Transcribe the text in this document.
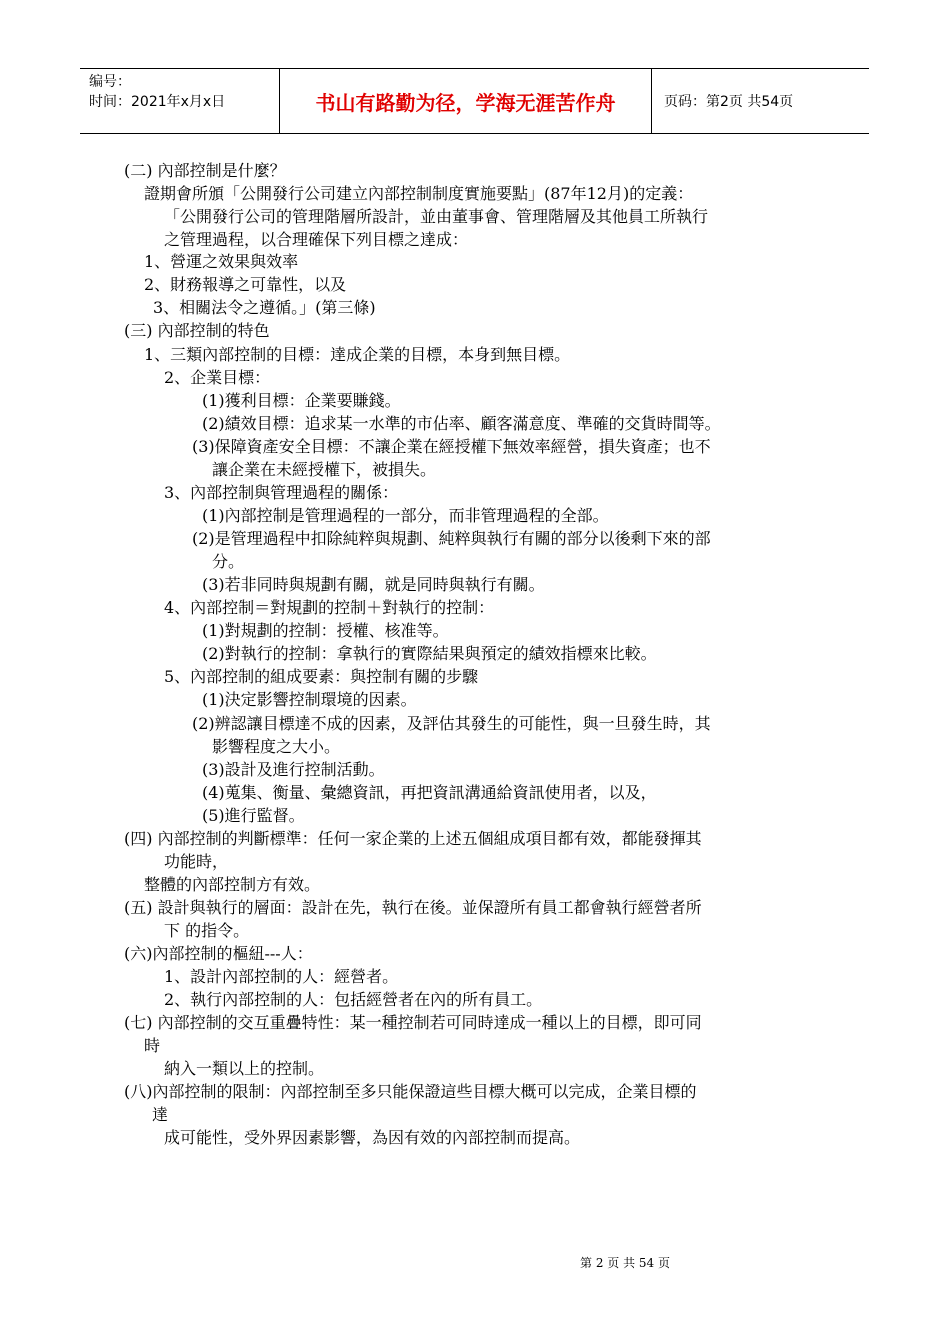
编号：
时间：2021年x月x日	书山有路勤为径，学海无涯苦作舟	页码：第2页 共54页
(二) 內部控制是什麼？
證期會所頒「公開發行公司建立內部控制制度實施要點」(87年12月)的定義：
「公開發行公司的管理階層所設計，並由董事會、管理階層及其他員工所執行
之管理過程，以合理確保下列目標之達成：
1、營運之效果與效率
2、財務報導之可靠性，以及
3、相關法令之遵循。」(第三條)
(三) 內部控制的特色
1、三類內部控制的目標：達成企業的目標，本身到無目標。
2、企業目標：
(1)獲利目標：企業要賺錢。
(2)績效目標：追求某一水準的市佔率、顧客滿意度、準確的交貨時間等。
(3)保障資產安全目標：不讓企業在經授權下無效率經營，損失資產；也不
讓企業在未經授權下，被損失。
3、內部控制與管理過程的關係：
(1)內部控制是管理過程的一部分，而非管理過程的全部。
(2)是管理過程中扣除純粹與規劃、純粹與執行有關的部分以後剩下來的部
分。
(3)若非同時與規劃有關，就是同時與執行有關。
4、內部控制＝對規劃的控制＋對執行的控制：
(1)對規劃的控制：授權、核准等。
(2)對執行的控制：拿執行的實際結果與預定的績效指標來比較。
5、內部控制的組成要素：與控制有關的步驟
(1)決定影響控制環境的因素。
(2)辨認讓目標達不成的因素，及評估其發生的可能性，與一旦發生時，其
影響程度之大小。
(3)設計及進行控制活動。
(4)蒐集、衡量、彙總資訊，再把資訊溝通給資訊使用者，以及，
(5)進行監督。
(四) 內部控制的判斷標準：任何一家企業的上述五個組成項目都有效，都能發揮其
功能時，
整體的內部控制方有效。
(五) 設計與執行的層面：設計在先，執行在後。並保證所有員工都會執行經營者所
下 的指令。
(六)內部控制的樞紐---人：
1、設計內部控制的人：經營者。
2、執行內部控制的人：包括經營者在內的所有員工。
(七) 內部控制的交互重疊特性：某一種控制若可同時達成一種以上的目標，即可同
時
納入一類以上的控制。
(八)內部控制的限制：內部控制至多只能保證這些目標大概可以完成，企業目標的
達
成可能性，受外界因素影響，為因有效的內部控制而提高。
第 2 页 共 54 页
